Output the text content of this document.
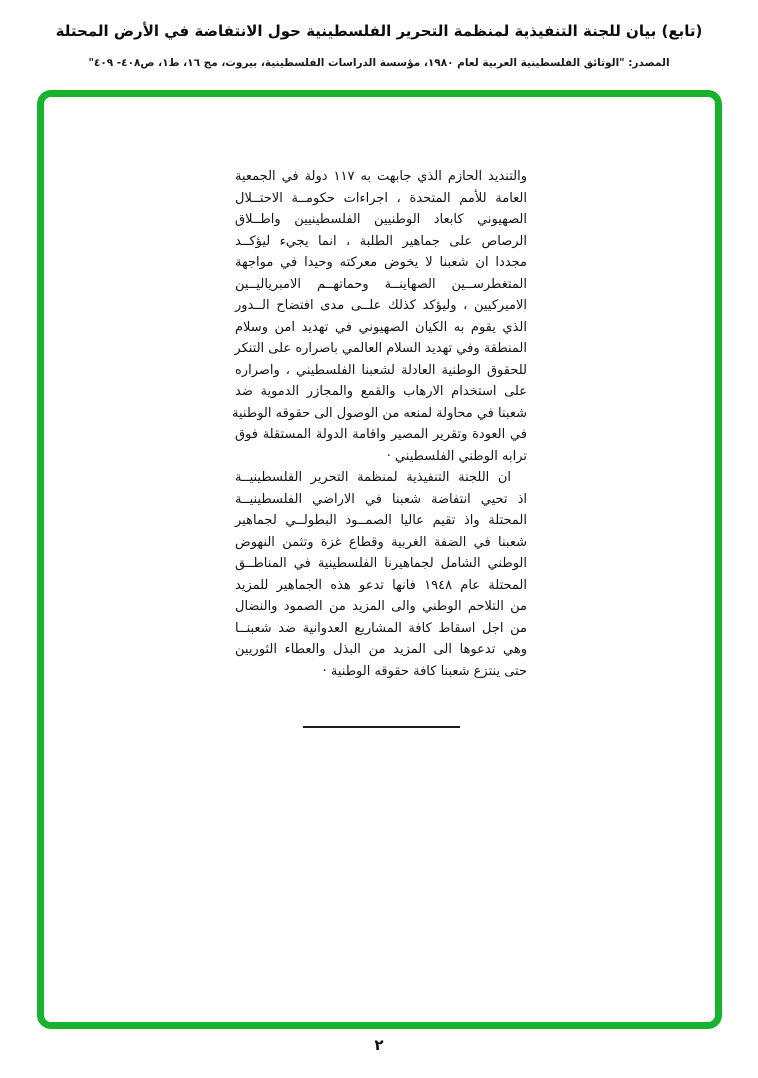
(تابع) بيان للجنة التنفيذية لمنظمة التحرير الفلسطينية حول الانتفاضة في الأرض المحتلة
المصدر: "الوثائق الفلسطينية العربية لعام ١٩٨٠، مؤسسة الدراسات الفلسطينية، بيروت، مج ١٦، ط١، ص٤٠٨- ٤٠٩"
والتنديد الحازم الذي جابهت به ١١٧ دولة في الجمعية
العامة للأمم المتحدة ، اجراءات حكومــة الاحتــلال
الصهيوني كابعاد الوطنيين الفلسطينيين واطــلاق
الرصاص على جماهير الطلبة ، انما يجيء ليؤكــد
مجددا ان شعبنا لا يخوض معركته وحيدا في مواجهة
المتغطرســين الصهاينــة وحماتهــم الامبرياليــين
الاميركيين ، وليؤكد كذلك علــى مدى افتضاح الــدور
الذي يقوم به الكيان الصهيوني في تهديد امن وسلام
المنطقة وفي تهديد السلام العالمي باصراره على التنكر
للحقوق الوطنية العادلة لشعبنا الفلسطيني ، واصراره
على استخدام الارهاب والقمع والمجازر الدموية ضد
شعبنا في محاولة لمنعه من الوصول الى حقوقه الوطنية
في العودة وتقرير المصير واقامة الدولة المستقلة فوق
ترابه الوطني الفلسطيني ·
ان اللجنة التنفيذية لمنظمة التحرير الفلسطينيــة
اذ تحيي انتفاضة شعبنا في الاراضي الفلسطينيــة
المحتلة واذ تقيم عاليا الصمــود البطولــي لجماهير
شعبنا في الضفة الغربية وقطاع غزة وتثمن النهوض
الوطني الشامل لجماهيرنا الفلسطينية في المناطــق
المحتلة عام ١٩٤٨ فانها تدعو هذه الجماهير للمزيد
من التلاحم الوطني والى المزيد من الصمود والنضال
من اجل اسقاط كافة المشاريع العدوانية ضد شعبنــا
وهي تدعوها الى المزيد من البذل والعطاء الثوريين
حتى ينتزع شعبنا كافة حقوقه الوطنية ·
٢
